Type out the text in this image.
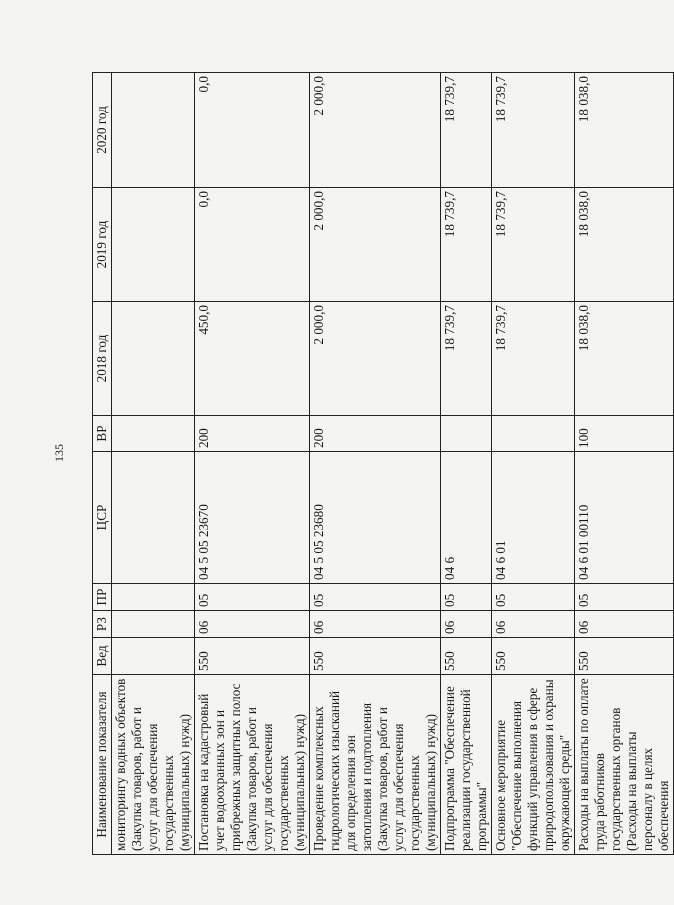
135
Наименование показателя	Вед	РЗ	ПР	ЦСР	ВР	2018 год	2019 год	2020 год
мониторингу водных объектов (Закупка товаров, работ и услуг для обеспечения государственных (муниципальных) нужд)								
Постановка на кадастровый учет водоохранных зон и прибрежных защитных полос (Закупка товаров, работ и услуг для обеспечения государственных (муниципальных) нужд)	550	06	05	04 5 05 23670	200	450,0	0,0	0,0
Проведение комплексных гидрологических изысканий для определения зон затопления и подтопления (Закупка товаров, работ и услуг для обеспечения государственных (муниципальных) нужд)	550	06	05	04 5 05 23680	200	2 000,0	2 000,0	2 000,0
Подпрограмма "Обеспечение реализации государственной программы"	550	06	05	04 6		18 739,7	18 739,7	18 739,7
Основное мероприятие "Обеспечение выполнения функций управления в сфере природопользования и охраны окружающей среды"	550	06	05	04 6 01		18 739,7	18 739,7	18 739,7
Расходы на выплаты по оплате труда работников государственных органов (Расходы на выплаты персоналу в целях обеспечения	550	06	05	04 6 01 00110	100	18 038,0	18 038,0	18 038,0
